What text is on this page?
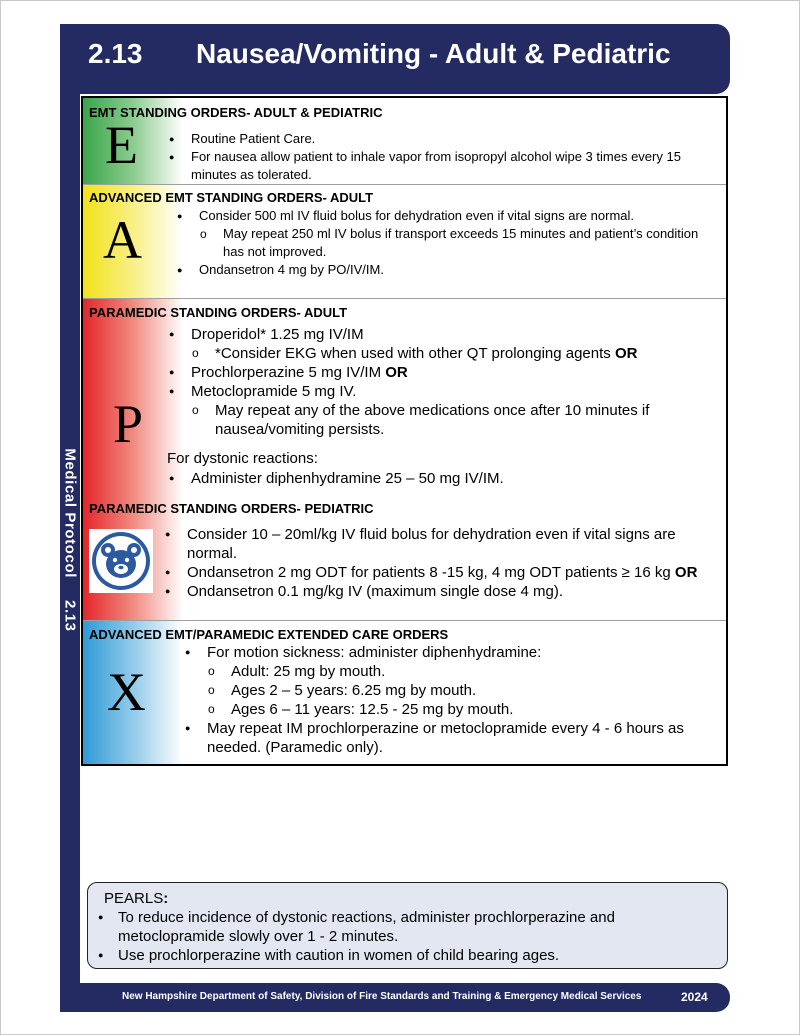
2.13 Nausea/Vomiting - Adult & Pediatric
Medical Protocol2.13
EMT STANDING ORDERS- ADULT & PEDIATRIC
E	● Routine Patient Care.
● For nausea allow patient to inhale vapor from isopropyl alcohol wipe 3 times every 15 minutes as tolerated.
ADVANCED EMT STANDING ORDERS- ADULT
A	● Consider 500 ml IV fluid bolus for dehydration even if vital signs are normal.
o May repeat 250 ml IV bolus if transport exceeds 15 minutes and patient’s condition has not improved.
● Ondansetron 4 mg by PO/IV/IM.
PARAMEDIC STANDING ORDERS- ADULT
P
● Droperidol* 1.25 mg IV/IM
o *Consider EKG when used with other QT prolonging agents OR
● Prochlorperazine 5 mg IV/IM OR
● Metoclopramide 5 mg IV.
o May repeat any of the above medications once after 10 minutes if nausea/vomiting persists.
For dystonic reactions:
● Administer diphenhydramine 25 – 50 mg IV/IM.
PARAMEDIC STANDING ORDERS- PEDIATRIC
● Consider 10 – 20ml/kg IV fluid bolus for dehydration even if vital signs are normal.
● Ondansetron 2 mg ODT for patients 8 -15 kg, 4 mg ODT patients ≥ 16 kg OR
● Ondansetron 0.1 mg/kg IV (maximum single dose 4 mg).
ADVANCED EMT/PARAMEDIC EXTENDED CARE ORDERS
X
● For motion sickness: administer diphenhydramine:
o Adult: 25 mg by mouth.
o Ages 2 – 5 years: 6.25 mg by mouth.
o Ages 6 – 11 years: 12.5 - 25 mg by mouth.
● May repeat IM prochlorperazine or metoclopramide every 4 - 6 hours as needed. (Paramedic only).
PEARLS:
● To reduce incidence of dystonic reactions, administer prochlorperazine and metoclopramide slowly over 1 - 2 minutes.
● Use prochlorperazine with caution in women of child bearing ages.
New Hampshire Department of Safety, Division of Fire Standards and Training & Emergency Medical Services	2024
